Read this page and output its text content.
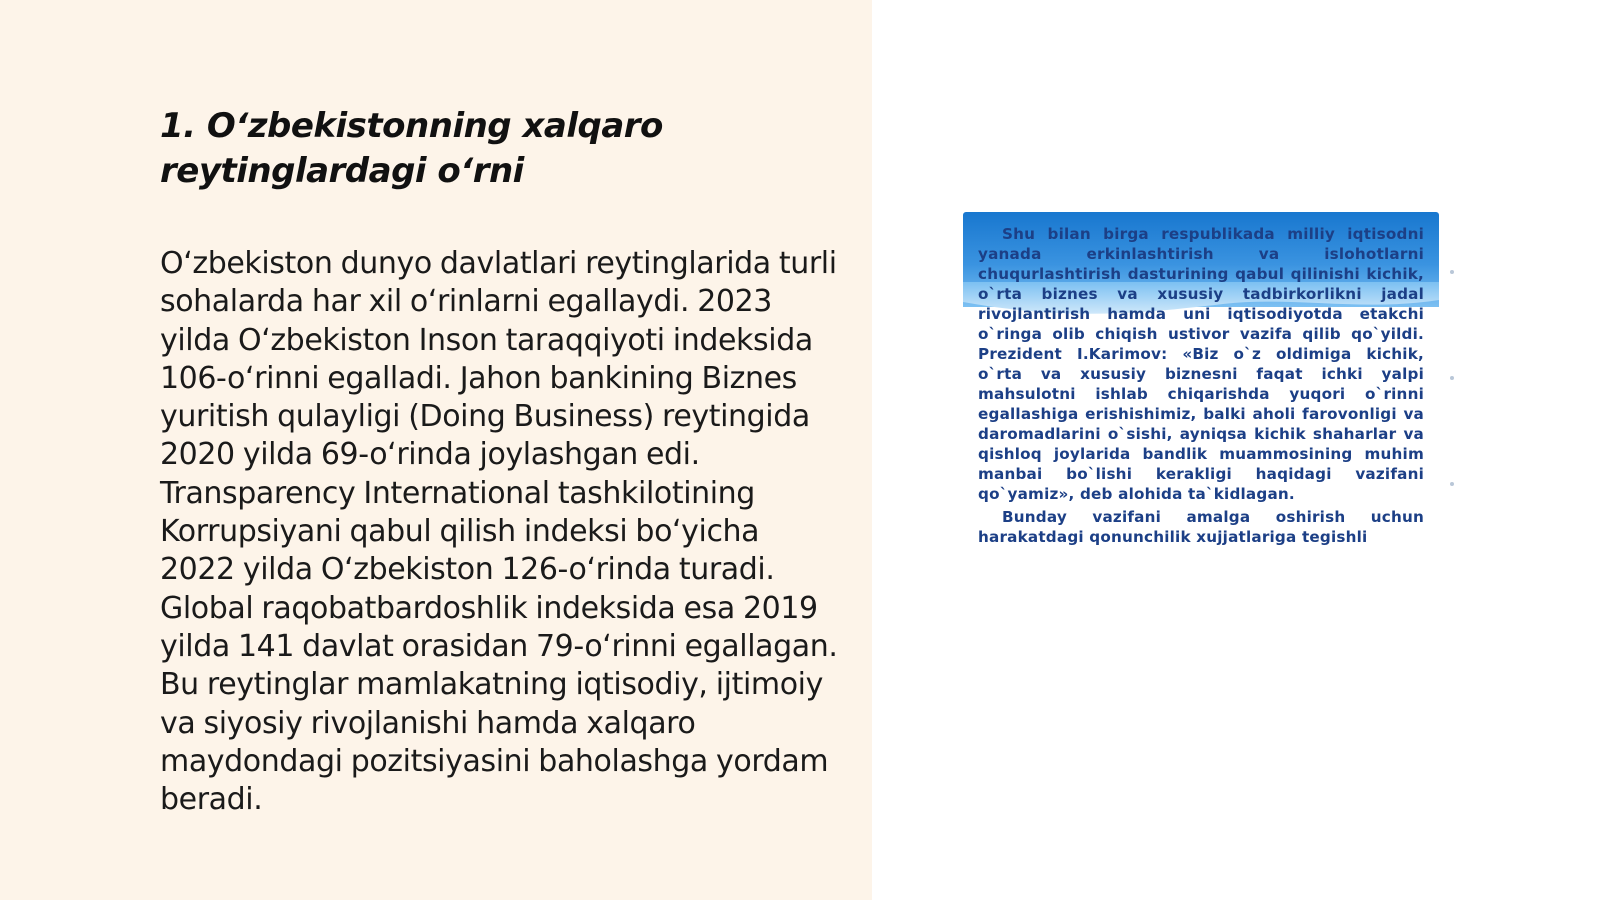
1. O‘zbekistonning xalqaro reytinglardagi o‘rni

O‘zbekiston dunyo davlatlari reytinglarida turli sohalarda har xil o‘rinlarni egallaydi. 2023 yilda O‘zbekiston Inson taraqqiyoti indeksida 106-o‘rinni egalladi. Jahon bankining Biznes yuritish qulayligi (Doing Business) reytingida 2020 yilda 69-o‘rinda joylashgan edi. Transparency International tashkilotining Korrupsiyani qabul qilish indeksi bo‘yicha 2022 yilda O‘zbekiston 126-o‘rinda turadi. Global raqobatbardoshlik indeksida esa 2019 yilda 141 davlat orasidan 79-o‘rinni egallagan. Bu reytinglar mamlakatning iqtisodiy, ijtimoiy va siyosiy rivojlanishi hamda xalqaro maydondagi pozitsiyasini baholashga yordam beradi.

Shu bilan birga respublikada milliy iqtisodni yanada erkinlashtirish va islohotlarni chuqurlashtirish dasturining qabul qilinishi kichik, o`rta biznes va xususiy tadbirkorlikni jadal rivojlantirish hamda uni iqtisodiyotda etakchi o`ringa olib chiqish ustivor vazifa qilib qo`yildi. Prezident I.Karimov: «Biz o`z oldimiga kichik, o`rta va xususiy biznesni faqat ichki yalpi mahsulotni ishlab chiqarishda yuqori o`rinni egallashiga erishishimiz, balki aholi farovonligi va daromadlarini o`sishi, ayniqsa kichik shaharlar va qishloq joylarida bandlik muammosining muhim manbai bo`lishi kerakligi haqidagi vazifani qo`yamiz», deb alohida ta`kidlagan.

Bunday vazifani amalga oshirish uchun harakatdagi qonunchilik xujjatlariga tegishli
